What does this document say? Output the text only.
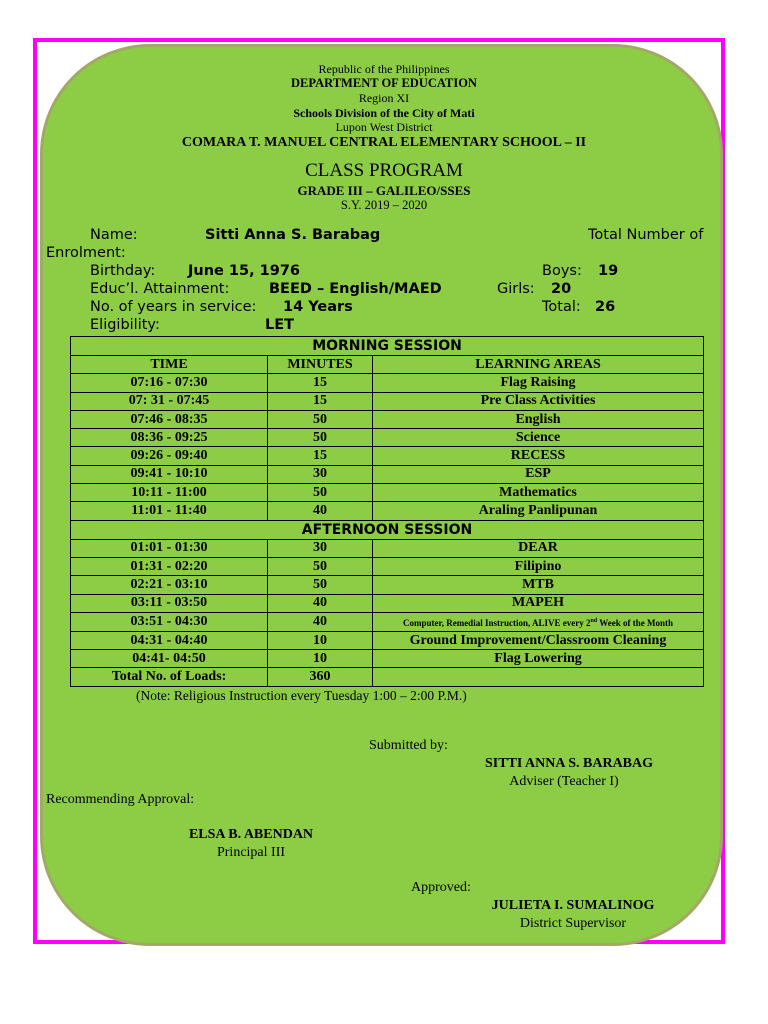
Republic of the Philippines
DEPARTMENT OF EDUCATION
Region XI
Schools Division of the City of Mati
Lupon West District
COMARA T. MANUEL CENTRAL ELEMENTARY SCHOOL – II
CLASS PROGRAM
GRADE III – GALILEO/SSES
S.Y. 2019 – 2020
Name:	Sitti Anna S. Barabag	Total Number of
Enrolment:
Birthday: June 15, 1976	Boys: 19
Educ’l. Attainment:	BEED – English/MAED	Girls: 20
No. of years in service: 14 Years	Total: 26
Eligibility:	LET
MORNING SESSION		
TIME	MINUTES	LEARNING AREAS
07:16 - 07:30	15	Flag Raising
07: 31 - 07:45	15	Pre Class Activities
07:46 - 08:35	50	English
08:36 - 09:25	50	Science
09:26 - 09:40	15	RECESS
09:41 - 10:10	30	ESP
10:11 - 11:00	50	Mathematics
11:01 - 11:40	40	Araling Panlipunan
AFTERNOON SESSION		
01:01 - 01:30	30	DEAR
01:31 - 02:20	50	Filipino
02:21 - 03:10	50	MTB
03:11 - 03:50	40	MAPEH
03:51 - 04:30	40	Computer, Remedial Instruction, ALIVE every 2nd Week of the Month
04:31 - 04:40	10	Ground Improvement/Classroom Cleaning
04:41- 04:50	10	Flag Lowering
Total No. of Loads:	360	
(Note: Religious Instruction every Tuesday 1:00 – 2:00 P.M.)
Submitted by:
SITTI ANNA S. BARABAG
Adviser (Teacher I)
Recommending Approval:
ELSA B. ABENDAN
Principal III
Approved:
JULIETA I. SUMALINOG
District Supervisor
